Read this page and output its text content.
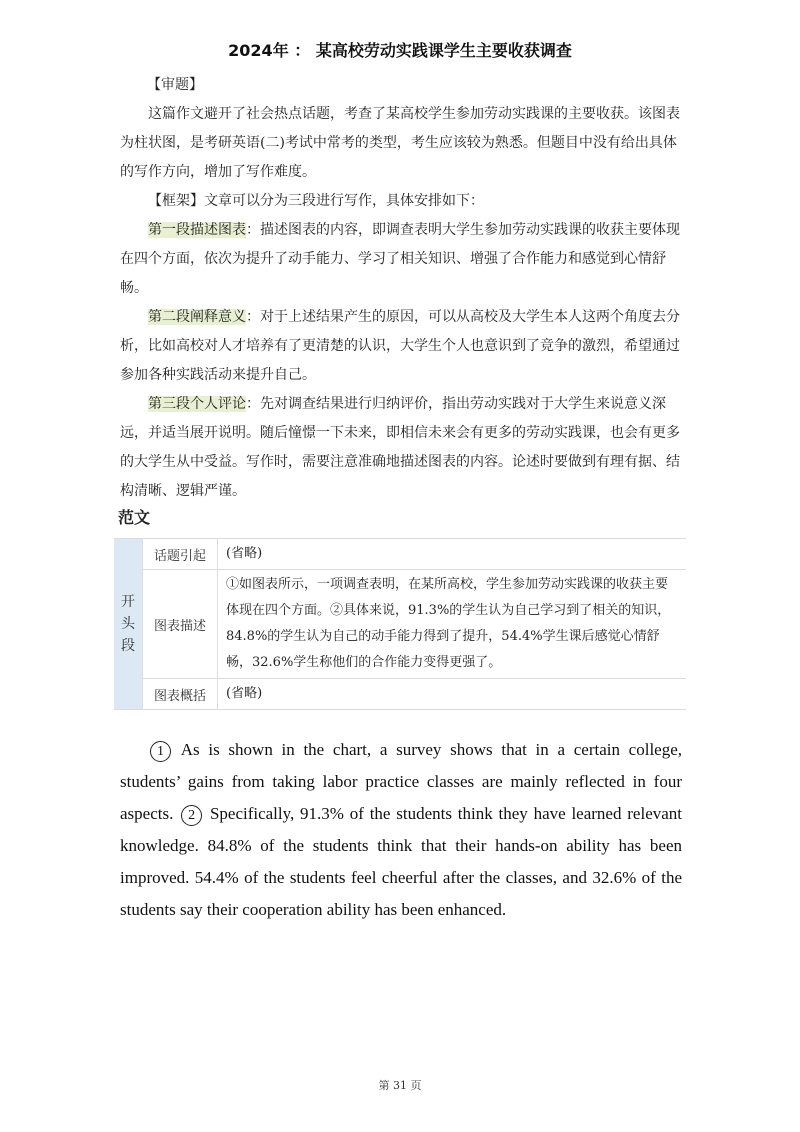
2024年 ： 某高校劳动实践课学生主要收获调查
【审题】

这篇作文避开了社会热点话题，考查了某高校学生参加劳动实践课的主要收获。该图表为柱状图，是考研英语(二)考试中常考的类型，考生应该较为熟悉。但题目中没有给出具体的写作方向，增加了写作难度。

【框架】文章可以分为三段进行写作，具体安排如下：

第一段描述图表：描述图表的内容，即调查表明大学生参加劳动实践课的收获主要体现在四个方面，依次为提升了动手能力、学习了相关知识、增强了合作能力和感觉到心情舒畅。

第二段阐释意义：对于上述结果产生的原因，可以从高校及大学生本人这两个角度去分析，比如高校对人才培养有了更清楚的认识，大学生个人也意识到了竞争的激烈，希望通过参加各种实践活动来提升自己。

第三段个人评论：先对调查结果进行归纳评价，指出劳动实践对于大学生来说意义深远，并适当展开说明。随后憧憬一下未来，即相信未来会有更多的劳动实践课，也会有更多的大学生从中受益。写作时，需要注意准确地描述图表的内容。论述时要做到有理有据、结构清晰、逻辑严谨。

范文
开
头
段	话题引起	(省略)
	图表描述	①如图表所示，一项调查表明，在某所高校，学生参加劳动实践课的收获主要体现在四个方面。②具体来说，91.3%的学生认为自己学习到了相关的知识，84.8%的学生认为自己的动手能力得到了提升，54.4%学生课后感觉心情舒畅，32.6%学生称他们的合作能力变得更强了。
	图表概括	(省略)
1 As is shown in the chart, a survey shows that in a certain college, students’ gains from taking labor practice classes are mainly reflected in four aspects. 2 Specifically, 91.3% of the students think they have learned relevant knowledge. 84.8% of the students think that their hands-on ability has been improved. 54.4% of the students feel cheerful after the classes, and 32.6% of the students say their cooperation ability has been enhanced.
第 31 页
